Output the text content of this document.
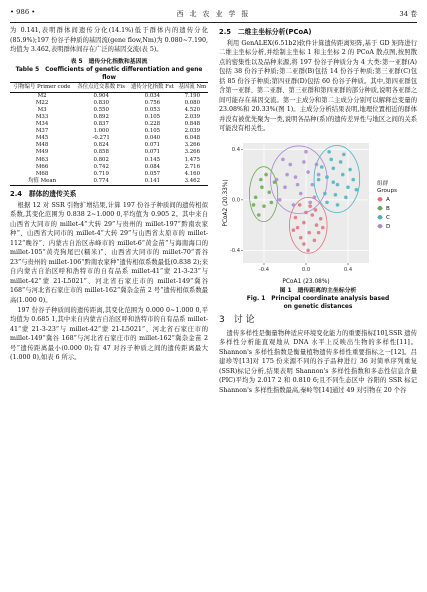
• 986 •	西 北 农 业 学 报	34 卷

为 0.141,表明群体间遗传分化(14.1%)低于群体内的遗传分化(85.9%);197 份谷子种质的基因流(gene flow,Nm)为 0.080~7.190,均值为 3.462,表明群体间存在广泛的基因交流(表 5)。

表 5　遗传分化指数和基因流
Table 5　Coefficients of genetic differentiation and gene flow
引物编号 Primer code	各位点近交系数 Fis	遗传分化指数 Fst	基因流 Nm
M2	0.904	0.034	7.190
M22	0.830	0.756	0.080
M3	0.550	0.053	4.520
M33	0.892	0.105	2.039
M34	0.837	0.228	0.848
M37	1.000	0.105	2.039
M45	-0.271	0.040	6.048
M48	0.824	0.071	3.266
M49	0.858	0.071	3.266
M63	0.802	0.145	1.475
M66	0.742	0.084	2.716
M68	0.719	0.057	4.160
均值 Mean	0.774	0.141	3.462
2.4　群体的遗传关系

根据 12 对 SSR 引物扩增结果,计算 197 份谷子种质间的遗传相似系数,其变化范围为 0.838 2~1.000 0,平均值为 0.905 2。其中来自山西省大同市的 millet-4“大转 29”与贵州的 millet-197“黔南农家种”、山西省大同市的 millet-4“大转 29”与山西省太原市的 millet-112“晚谷”、内蒙古自治区赤峰市的 millet-6“黄金苗”与海南海口的 millet-105“黄壳狗尾巴(糯米)”、山西省大同市的 millet-70“晋谷 23”与贵州的 millet-106“黔南农家种”遗传相似系数最低(0.838 2);来自内蒙古自治区呼和浩特市的自有品系 millet-41“蒙 21-3-23”与 millet-42“蒙 21-L5021”、河北省石家庄市的 millet-149“冀谷 168”与河北省石家庄市的 millet-162“冀杂金苗 2 号”遗传相似系数最高(1.000 0)。

197 份谷子种质间的遗传距离,其变化范围为 0.000 0~1.000 0,平均值为 0.685 1,其中来自内蒙古自治区呼和浩特市的自有品系 millet-41“蒙 21-3-23”与 millet-42“蒙 21-L5021”、河北省石家庄市的 millet-149“冀谷 168”与河北省石家庄市的 millet-162“冀杂金苗 2 号”遗传距离最小(0.000 0);有 47 对谷子种质之间的遗传距离最大(1.000 0),如表 6 所示。

2.5　二维主坐标分析(PCoA)

利用 GenALEX(6.51b2)软件计算遗传距离矩阵,基于 GD 矩阵进行二维主坐标分析,并绘制主坐标 1 和主坐标 2 的 PCoA 散点图,按照散点的密集性以及品种来源,将 197 份谷子种质分为 4 大类:第一亚群(A)包括 38 份谷子种质;第二亚群(B)包括 14 份谷子种质;第三亚群(C)包括 85 份谷子种质;第四亚群(D)包括 60 份谷子种质。其中,第四亚群包含第一亚群、第二亚群、第三亚群和第四亚群的部分种质,说明各亚群之间可能存在基因交流。第一主成分和第二主成分分别可以解释总变量的 23.08%和 20.33%(图 1)。主成分分析结果表明,地理位置相近的群体并没有被优先聚为一类,说明各品种(系)的遗传差异性与地区之间的关系可能没有相关性。

-0.4	0.0	0.4
-0.4
0.0
0.4
PCoA1 (23.08%)
PCoA2 (20.33%)	组群
Groups
A
B
C
D
图 1　遗传距离的主坐标分析
Fig. 1　Principal coordinate analysis based
on genetic distances
3　讨 论

遗传多样性是衡量物种适应环境变化能力的重要指标[10],SSR 遗传多样性分析能直观地从 DNA 水平上反映出生物的多样性[11]。Shannon's 多样性指数是衡量植物遗传多样性重要指标之一[12]。吕建珍等[13]对 175 份来源不同的谷子品种进行 36 对简单序列重复(SSR)标记分析,结果表明 Shannon's 多样性指数和多态性信息含量(PIC)平均为 2.017 2 和 0.810 6;且不同生态区中 谷阳的 SSR 标记 Shannon's 多样性指数最高,秦岭等[14]通过 49 对引物在 20 个谷
